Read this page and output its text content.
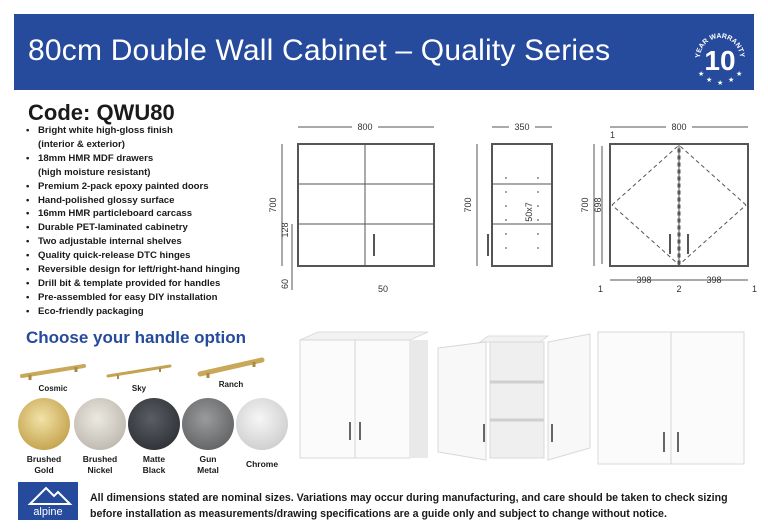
80cm Double Wall Cabinet – Quality Series	YEAR WARRANTY
10
★
★ ★ ★
★
Code: QWU80
• Bright white high-gloss finish
(interior & exterior)
• 18mm HMR MDF drawers
(high moisture resistant)
• Premium 2-pack epoxy painted doors
• Hand-polished glossy surface
• 16mm HMR particleboard carcass
• Durable PET-laminated cabinetry
• Two adjustable internal shelves
• Quality quick-release DTC hinges
• Reversible design for left/right-hand hinging
• Drill bit & template provided for handles
• Pre-assembled for easy DIY installation
• Eco-friendly packaging
Choose your handle option
Cosmic	Sky	Ranch
Brushed
Gold
Brushed
Nickel
Matte
Black
Gun
Metal
Chrome
800	350	800
700
128
60	50
700	50x7	700 698
1
398	398
2
1	1
alpine
All dimensions stated are nominal sizes. Variations may occur during manufacturing, and care should be taken to check sizing before installation as measurements/drawing specifications are a guide only and subject to change without notice.
